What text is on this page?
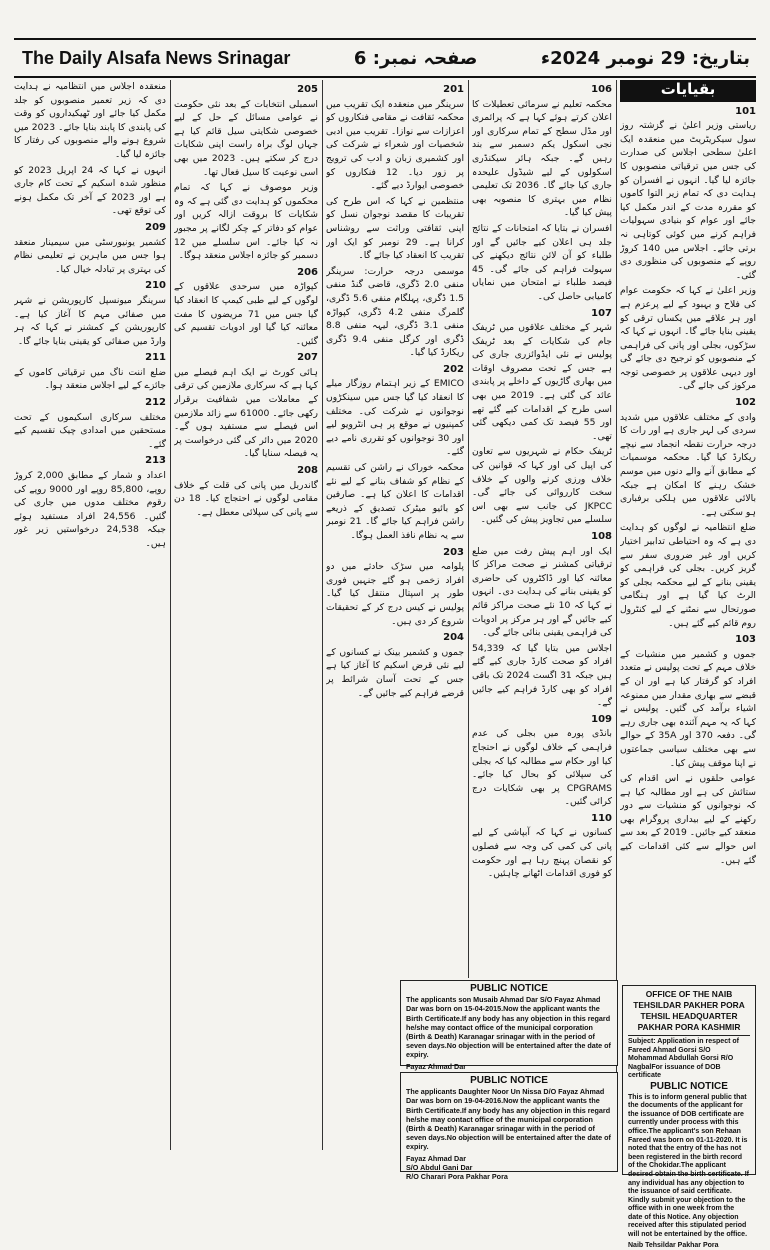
The Daily Alsafa News Srinagar	صفحہ نمبر: 6	بتاریخ: 29 نومبر 2024ء
بقیایات
101

ریاستی وزیر اعلیٰ نے گزشتہ روز سول سیکریٹریٹ میں منعقدہ ایک اعلیٰ سطحی اجلاس کی صدارت کی جس میں ترقیاتی منصوبوں کا جائزہ لیا گیا۔ انہوں نے افسران کو ہدایت دی کہ تمام زیر التوا کاموں کو مقررہ مدت کے اندر مکمل کیا جائے اور عوام کو بنیادی سہولیات فراہم کرنے میں کوئی کوتاہی نہ برتی جائے۔ اجلاس میں 140 کروڑ روپے کے منصوبوں کی منظوری دی گئی۔

وزیر اعلیٰ نے کہا کہ حکومت عوام کی فلاح و بہبود کے لیے پرعزم ہے اور ہر علاقے میں یکساں ترقی کو یقینی بنایا جائے گا۔ انہوں نے کہا کہ سڑکوں، بجلی اور پانی کی فراہمی کے منصوبوں کو ترجیح دی جائے گی اور دیہی علاقوں پر خصوصی توجہ مرکوز کی جائے گی۔

102

وادی کے مختلف علاقوں میں شدید سردی کی لہر جاری ہے اور رات کا درجہ حرارت نقطہ انجماد سے نیچے ریکارڈ کیا گیا۔ محکمہ موسمیات کے مطابق آنے والے دنوں میں موسم خشک رہنے کا امکان ہے جبکہ بالائی علاقوں میں ہلکی برفباری ہو سکتی ہے۔

ضلع انتظامیہ نے لوگوں کو ہدایت دی ہے کہ وہ احتیاطی تدابیر اختیار کریں اور غیر ضروری سفر سے گریز کریں۔ بجلی کی فراہمی کو یقینی بنانے کے لیے محکمہ بجلی کو الرٹ کیا گیا ہے اور ہنگامی صورتحال سے نمٹنے کے لیے کنٹرول روم قائم کیے گئے ہیں۔

103

جموں و کشمیر میں منشیات کے خلاف مہم کے تحت پولیس نے متعدد افراد کو گرفتار کیا ہے اور ان کے قبضے سے بھاری مقدار میں ممنوعہ اشیاء برآمد کی گئیں۔ پولیس نے کہا کہ یہ مہم آئندہ بھی جاری رہے گی۔ دفعہ 370 اور 35A کے حوالے سے بھی مختلف سیاسی جماعتوں نے اپنا موقف پیش کیا۔

عوامی حلقوں نے اس اقدام کی ستائش کی ہے اور مطالبہ کیا ہے کہ نوجوانوں کو منشیات سے دور رکھنے کے لیے بیداری پروگرام بھی منعقد کیے جائیں۔ 2019 کے بعد سے اس حوالے سے کئی اقدامات کیے گئے ہیں۔

106

محکمہ تعلیم نے سرمائی تعطیلات کا اعلان کرتے ہوئے کہا ہے کہ پرائمری اور مڈل سطح کے تمام سرکاری اور نجی اسکول یکم دسمبر سے بند رہیں گے۔ جبکہ ہائر سیکنڈری اسکولوں کے لیے شیڈول علیحدہ جاری کیا جائے گا۔ 2036 تک تعلیمی نظام میں بہتری کا منصوبہ بھی پیش کیا گیا۔

افسران نے بتایا کہ امتحانات کے نتائج جلد ہی اعلان کیے جائیں گے اور طلباء کو آن لائن نتائج دیکھنے کی سہولت فراہم کی جائے گی۔ 45 فیصد طلباء نے امتحان میں نمایاں کامیابی حاصل کی۔

107

شہر کے مختلف علاقوں میں ٹریفک جام کی شکایات کے بعد ٹریفک پولیس نے نئی ایڈوائزری جاری کی ہے جس کے تحت مصروف اوقات میں بھاری گاڑیوں کے داخلے پر پابندی عائد کی گئی ہے۔ 2019 میں بھی اسی طرح کے اقدامات کیے گئے تھے اور 55 فیصد تک کمی دیکھی گئی تھی۔

ٹریفک حکام نے شہریوں سے تعاون کی اپیل کی اور کہا کہ قوانین کی خلاف ورزی کرنے والوں کے خلاف سخت کارروائی کی جائے گی۔ JKPCC کی جانب سے بھی اس سلسلے میں تجاویز پیش کی گئیں۔

108

ایک اور اہم پیش رفت میں ضلع ترقیاتی کمشنر نے صحت مراکز کا معائنہ کیا اور ڈاکٹروں کی حاضری کو یقینی بنانے کی ہدایت دی۔ انہوں نے کہا کہ 10 نئے صحت مراکز قائم کیے جائیں گے اور ہر مرکز پر ادویات کی فراہمی یقینی بنائی جائے گی۔

اجلاس میں بتایا گیا کہ 54,339 افراد کو صحت کارڈ جاری کیے گئے ہیں جبکہ 31 اگست 2024 تک باقی افراد کو بھی کارڈ فراہم کیے جائیں گے۔

109

بانڈی پورہ میں بجلی کی عدم فراہمی کے خلاف لوگوں نے احتجاج کیا اور حکام سے مطالبہ کیا کہ بجلی کی سپلائی کو بحال کیا جائے۔ CPGRAMS پر بھی شکایات درج کرائی گئیں۔

110

کسانوں نے کہا کہ آبپاشی کے لیے پانی کی کمی کی وجہ سے فصلوں کو نقصان پہنچ رہا ہے اور حکومت کو فوری اقدامات اٹھانے چاہئیں۔

201

سرینگر میں منعقدہ ایک تقریب میں محکمہ ثقافت نے مقامی فنکاروں کو اعزازات سے نوازا۔ تقریب میں ادبی شخصیات اور شعراء نے شرکت کی اور کشمیری زبان و ادب کی ترویج پر زور دیا۔ 12 فنکاروں کو خصوصی ایوارڈ دیے گئے۔

منتظمین نے کہا کہ اس طرح کی تقریبات کا مقصد نوجوان نسل کو اپنی ثقافتی وراثت سے روشناس کرانا ہے۔ 29 نومبر کو ایک اور تقریب کا انعقاد کیا جائے گا۔

موسمی درجہ حرارت: سرینگر منفی 2.0 ڈگری، قاضی گنڈ منفی 1.5 ڈگری، پہلگام منفی 5.6 ڈگری، گلمرگ منفی 4.2 ڈگری، کپواڑہ منفی 3.1 ڈگری، لیہہ منفی 8.8 ڈگری اور کرگل منفی 9.4 ڈگری ریکارڈ کیا گیا۔

202

EMICO کے زیر اہتمام روزگار میلے کا انعقاد کیا گیا جس میں سینکڑوں نوجوانوں نے شرکت کی۔ مختلف کمپنیوں نے موقع پر ہی انٹرویو لیے اور 30 نوجوانوں کو تقرری نامے دیے گئے۔

محکمہ خوراک نے راشن کی تقسیم کے نظام کو شفاف بنانے کے لیے نئے اقدامات کا اعلان کیا ہے۔ صارفین کو بائیو میٹرک تصدیق کے ذریعے راشن فراہم کیا جائے گا۔ 21 نومبر سے یہ نظام نافذ العمل ہوگا۔

203

پلوامہ میں سڑک حادثے میں دو افراد زخمی ہو گئے جنہیں فوری طور پر اسپتال منتقل کیا گیا۔ پولیس نے کیس درج کر کے تحقیقات شروع کر دی ہیں۔

204

جموں و کشمیر بینک نے کسانوں کے لیے نئی قرض اسکیم کا آغاز کیا ہے جس کے تحت آسان شرائط پر قرضے فراہم کیے جائیں گے۔

205

اسمبلی انتخابات کے بعد نئی حکومت نے عوامی مسائل کے حل کے لیے خصوصی شکایتی سیل قائم کیا ہے جہاں لوگ براہ راست اپنی شکایات درج کر سکتے ہیں۔ 2023 میں بھی اسی نوعیت کا سیل فعال تھا۔

وزیر موصوف نے کہا کہ تمام محکموں کو ہدایت دی گئی ہے کہ وہ شکایات کا بروقت ازالہ کریں اور عوام کو دفاتر کے چکر لگانے پر مجبور نہ کیا جائے۔ اس سلسلے میں 12 دسمبر کو جائزہ اجلاس منعقد ہوگا۔

206

کپواڑہ میں سرحدی علاقوں کے لوگوں کے لیے طبی کیمپ کا انعقاد کیا گیا جس میں 71 مریضوں کا مفت معائنہ کیا گیا اور ادویات تقسیم کی گئیں۔

207

ہائی کورٹ نے ایک اہم فیصلے میں کہا ہے کہ سرکاری ملازمین کی ترقی کے معاملات میں شفافیت برقرار رکھی جائے۔ 61000 سے زائد ملازمین اس فیصلے سے مستفید ہوں گے۔ 2020 میں دائر کی گئی درخواست پر یہ فیصلہ سنایا گیا۔

208

گاندربل میں پانی کی قلت کے خلاف مقامی لوگوں نے احتجاج کیا۔ 18 دن سے پانی کی سپلائی معطل ہے۔

منعقدہ اجلاس میں انتظامیہ نے ہدایت دی کہ زیر تعمیر منصوبوں کو جلد مکمل کیا جائے اور ٹھیکیداروں کو وقت کی پابندی کا پابند بنایا جائے۔ 2023 میں شروع ہونے والے منصوبوں کی رفتار کا جائزہ لیا گیا۔

انہوں نے کہا کہ 24 اپریل 2023 کو منظور شدہ اسکیم کے تحت کام جاری ہے اور 2023 کے آخر تک مکمل ہونے کی توقع تھی۔

209

کشمیر یونیورسٹی میں سیمینار منعقد ہوا جس میں ماہرین نے تعلیمی نظام کی بہتری پر تبادلہ خیال کیا۔

210

سرینگر میونسپل کارپوریشن نے شہر میں صفائی مہم کا آغاز کیا ہے۔ کارپوریشن کے کمشنر نے کہا کہ ہر وارڈ میں صفائی کو یقینی بنایا جائے گا۔

211

ضلع اننت ناگ میں ترقیاتی کاموں کے جائزے کے لیے اجلاس منعقد ہوا۔

212

مختلف سرکاری اسکیموں کے تحت مستحقین میں امدادی چیک تقسیم کیے گئے۔

213

اعداد و شمار کے مطابق 2,000 کروڑ روپے، 85,800 روپے اور 9000 روپے کی رقوم مختلف مدوں میں جاری کی گئیں۔ 24,556 افراد مستفید ہوئے جبکہ 24,538 درخواستیں زیر غور ہیں۔

PUBLIC NOTICE

The applicants son Musaib Ahmad Dar S/O Fayaz Ahmad Dar was born on 15-04-2015.Now the applicant wants the Birth Certificate.If any body has any objection in this regard he/she may contact office of the municipal corporation (Birth & Death) Karanagar srinagar with in the period of seven days.No objection will be entertained after the date of expiry.

Fayaz Ahmad Dar
PUBLIC NOTICE

The applicants Daughter Noor Un Nissa D/O Fayaz Ahmad Dar was born on 19-04-2016.Now the applicant wants the Birth Certificate.If any body has any objection in this regard he/she may contact office of the municipal corporation (Birth & Death) Karanagar srinagar with in the period of seven days.No objection will be entertained after the date of expiry.

Fayaz Ahmad Dar
S/O Abdul Gani Dar
R/O Charari Pora Pakhar Pora
OFFICE OF THE NAIB TEHSILDAR PAKHER PORA
TEHSIL HEADQUARTER PAKHAR PORA KASHMIR
Subject: Application in respect of Fareed Ahmad Gorsi S/O Mohammad Abdullah Gorsi R/O NagbalFor issuance of DOB certificate
PUBLIC NOTICE

This is to inform general public that the documents of the applicant for the issuance of DOB certificate are currently under process with this office.The applicant's son Rehaan Fareed was born on 01-11-2020. It is noted that the entry of the has not been registered in the birth record of the Chokidar.The applicant desired obtain the birth certificate. If any individual has any objection to the issuance of said certificate. Kindly submit your objection to the office with in one week from the date of this Notice. Any objection received after this stipulated period will not be entertained by the office.

Naib Tehsildar Pakhar Pora
